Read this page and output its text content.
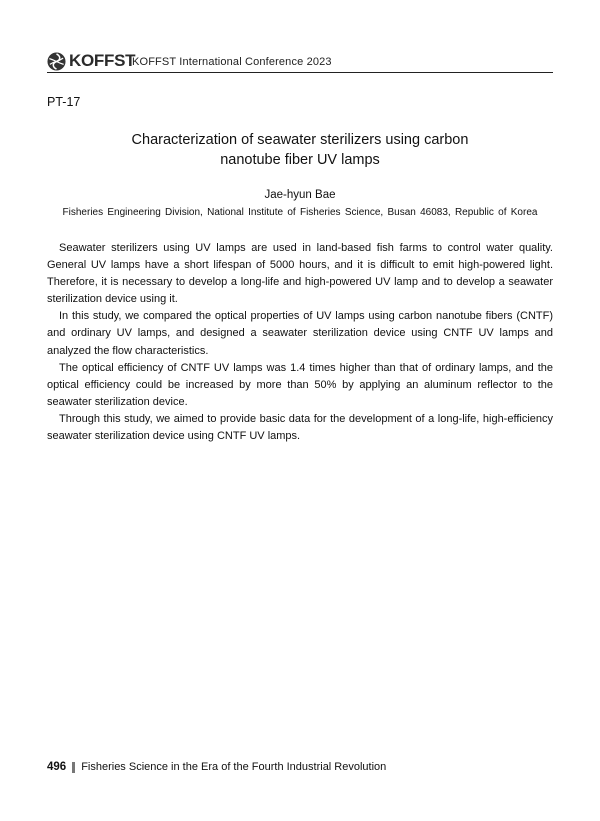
KOFFST
KOFFST International Conference 2023
PT-17
Characterization of seawater sterilizers using carbon
nanotube fiber UV lamps
Jae-hyun Bae
Fisheries Engineering Division, National Institute of Fisheries Science, Busan 46083, Republic of Korea

Seawater sterilizers using UV lamps are used in land-based fish farms to control water quality. General UV lamps have a short lifespan of 5000 hours, and it is difficult to emit high-powered light. Therefore, it is necessary to develop a long-life and high-powered UV lamp and to develop a seawater sterilization device using it.

In this study, we compared the optical properties of UV lamps using carbon nanotube fibers (CNTF) and ordinary UV lamps, and designed a seawater sterilization device using CNTF UV lamps and analyzed the flow characteristics.

The optical efficiency of CNTF UV lamps was 1.4 times higher than that of ordinary lamps, and the optical efficiency could be increased by more than 50% by applying an aluminum reflector to the seawater sterilization device.

Through this study, we aimed to provide basic data for the development of a long-life, high-efficiency seawater sterilization device using CNTF UV lamps.

496 Fisheries Science in the Era of the Fourth Industrial Revolution
